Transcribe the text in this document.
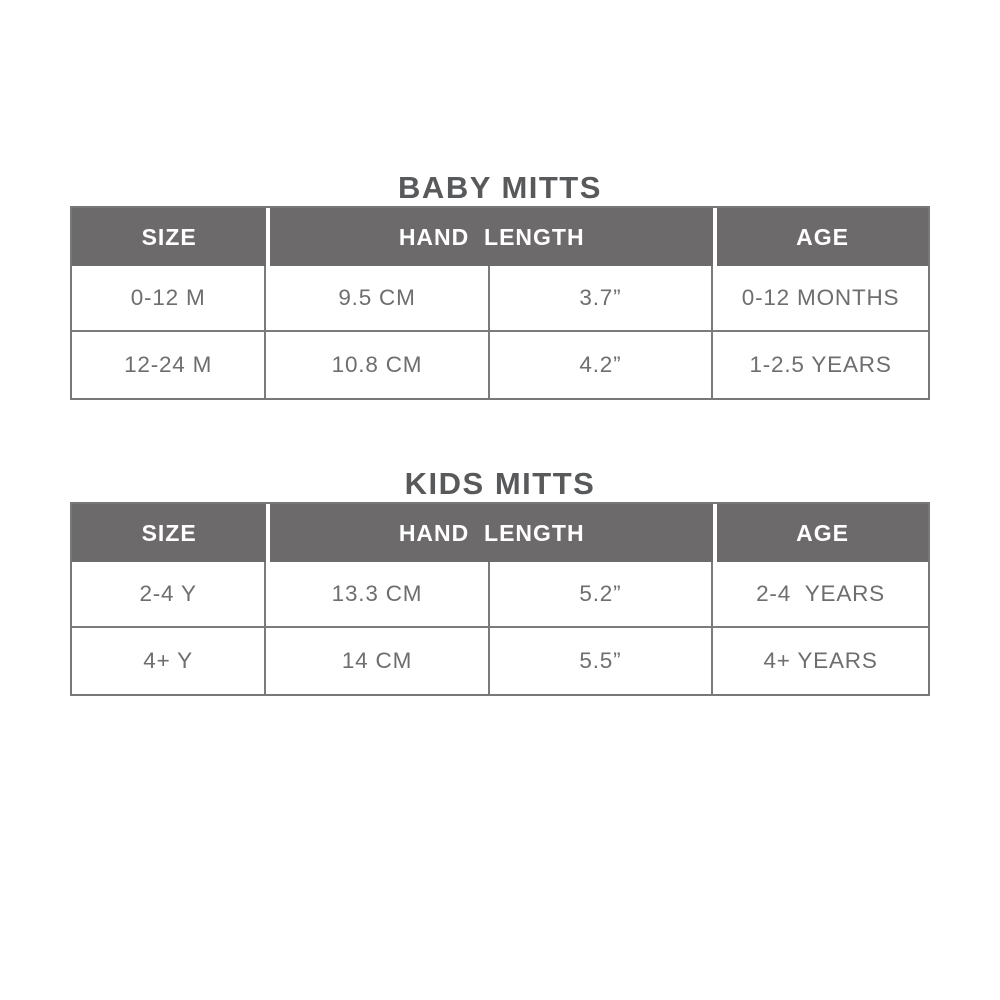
BABY MITTS
SIZE	HAND  LENGTH		AGE
0-12 M	9.5 CM	3.7”	0-12 MONTHS
12-24 M	10.8 CM	4.2”	1-2.5 YEARS
KIDS MITTS
SIZE	HAND  LENGTH		AGE
2-4 Y	13.3 CM	5.2”	2-4  YEARS
4+ Y	14 CM	5.5”	4+ YEARS
